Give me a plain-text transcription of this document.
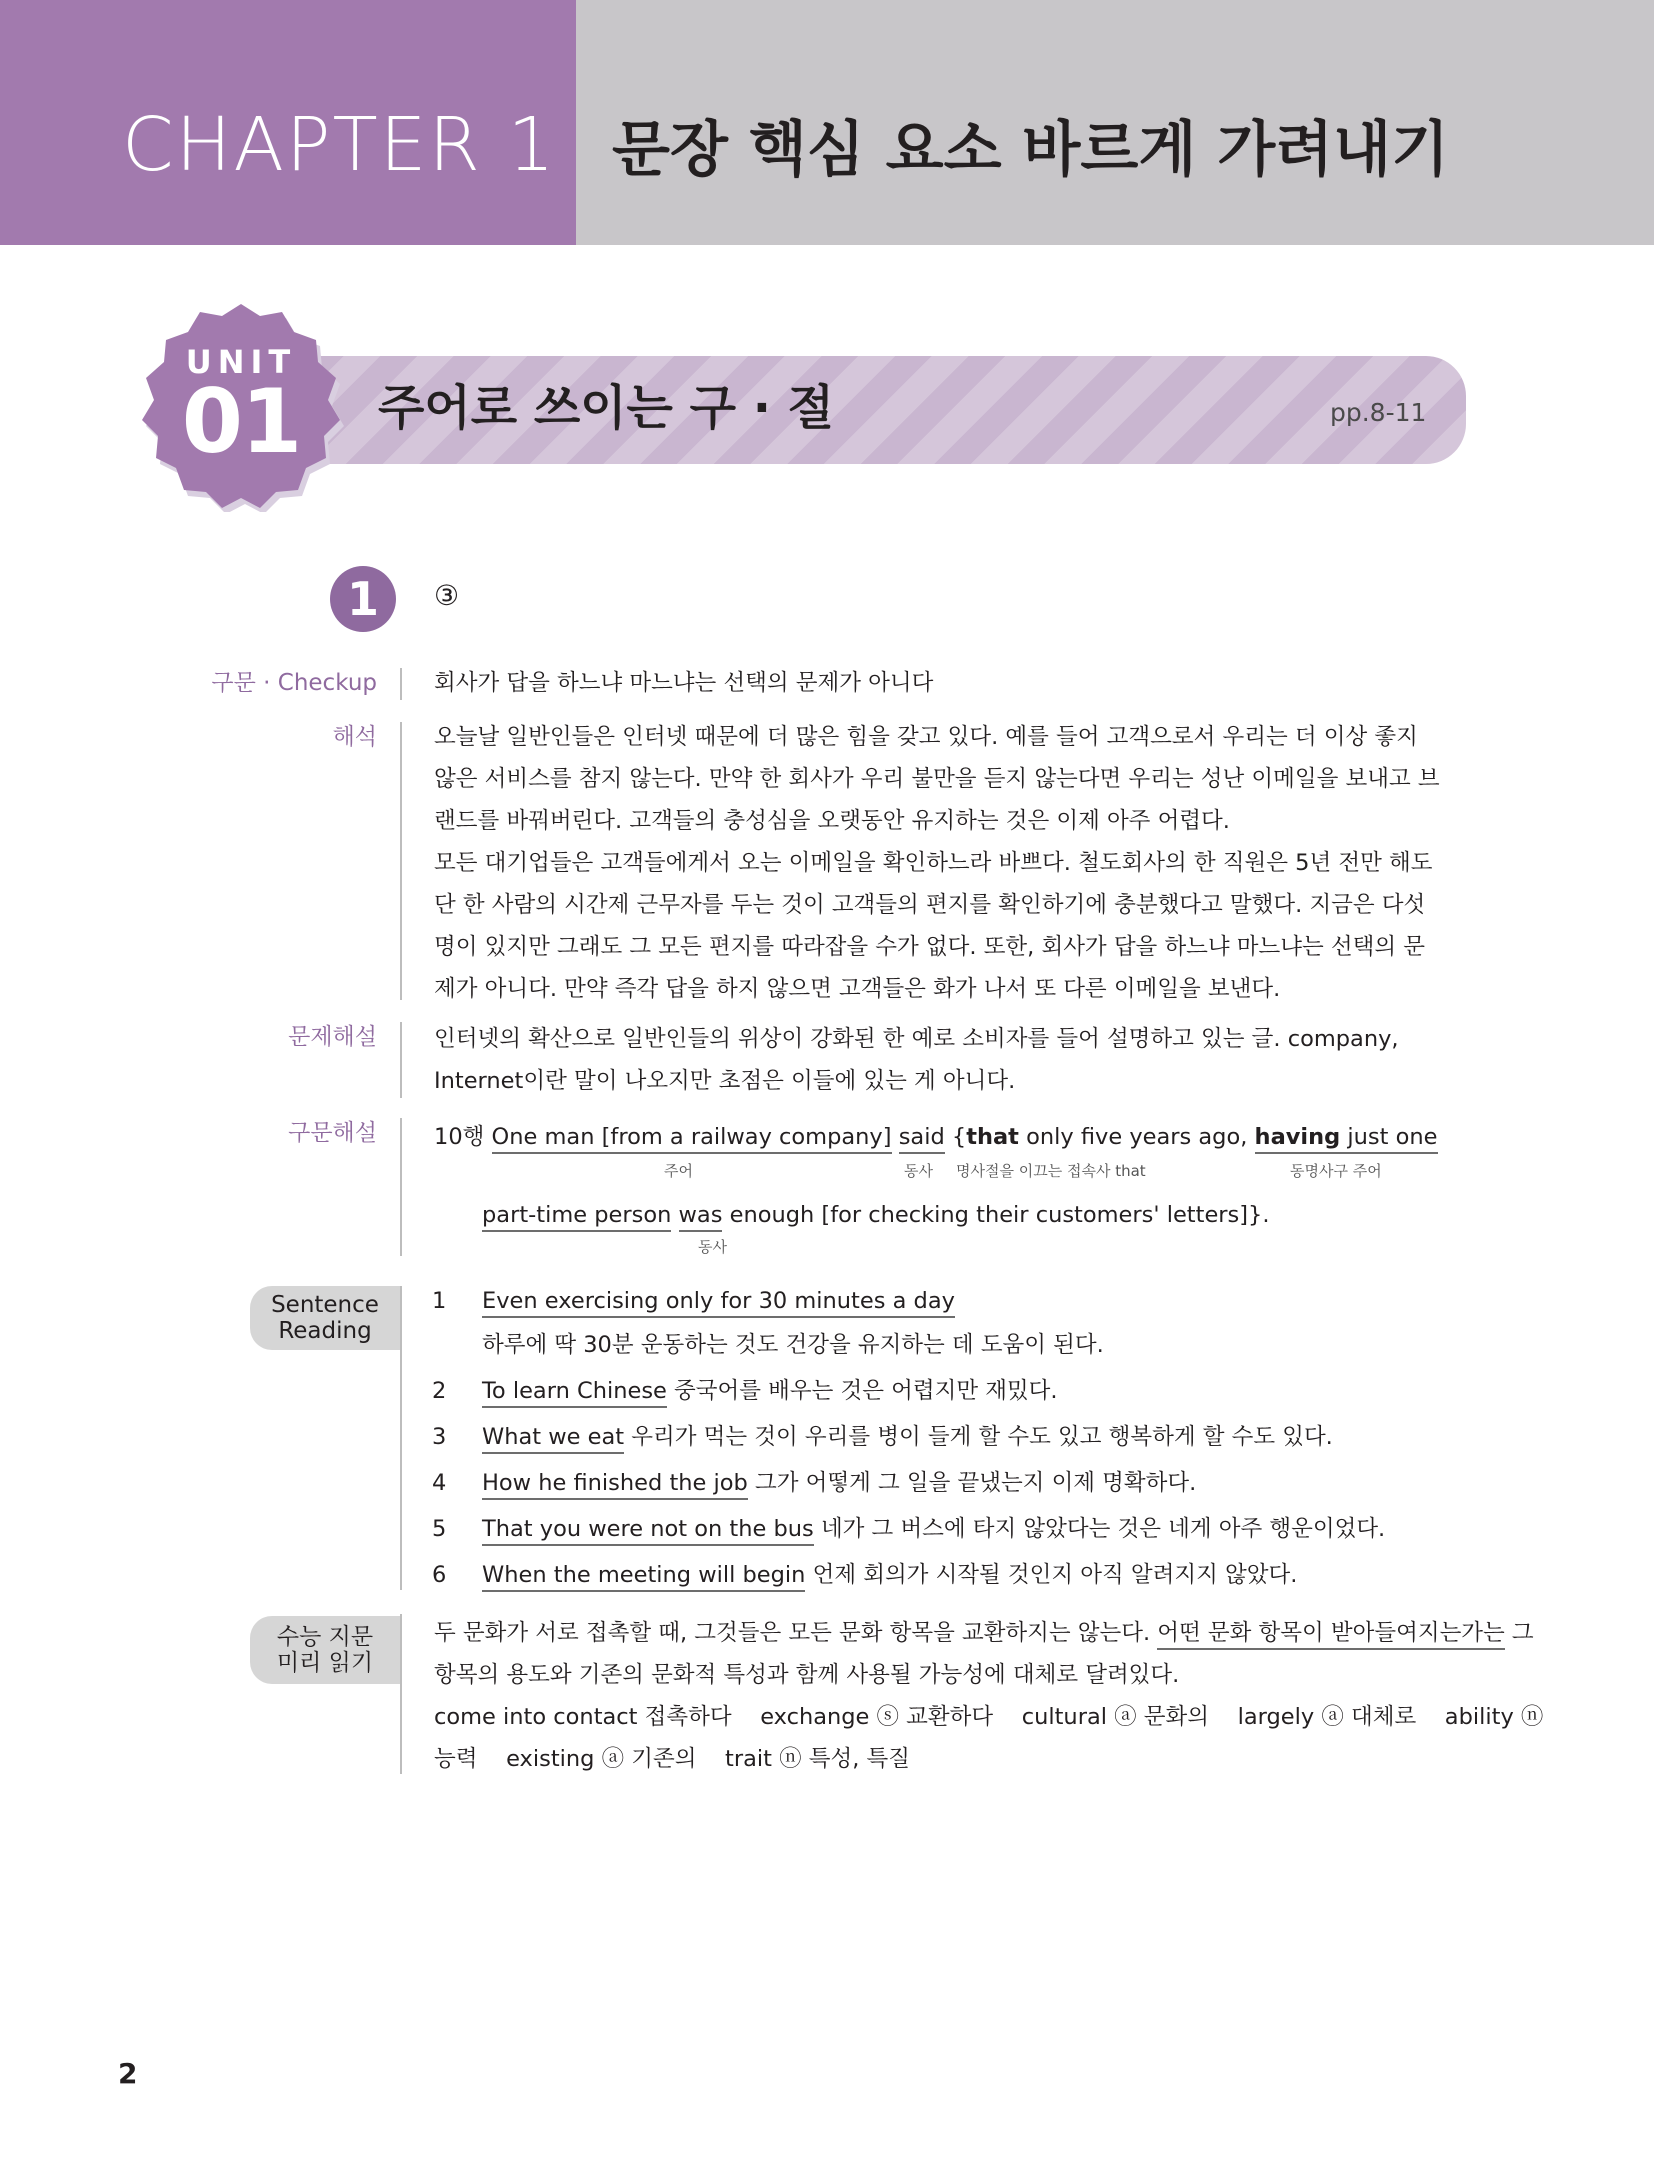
CHAPTER 1 문장 핵심 요소 바르게 가려내기
UNIT
01	주어로 쓰이는 구 · 절	pp.8-11
1	③
구문 · Checkup	회사가 답을 하느냐 마느냐는 선택의 문제가 아니다
해석	오늘날 일반인들은 인터넷 때문에 더 많은 힘을 갖고 있다. 예를 들어 고객으로서 우리는 더 이상 좋지 않은 서비스를 참지 않는다. 만약 한 회사가 우리 불만을 듣지 않는다면 우리는 성난 이메일을 보내고 브랜드를 바꿔버린다. 고객들의 충성심을 오랫동안 유지하는 것은 이제 아주 어렵다.
모든 대기업들은 고객들에게서 오는 이메일을 확인하느라 바쁘다. 철도회사의 한 직원은 5년 전만 해도 단 한 사람의 시간제 근무자를 두는 것이 고객들의 편지를 확인하기에 충분했다고 말했다. 지금은 다섯 명이 있지만 그래도 그 모든 편지를 따라잡을 수가 없다. 또한, 회사가 답을 하느냐 마느냐는 선택의 문제가 아니다. 만약 즉각 답을 하지 않으면 고객들은 화가 나서 또 다른 이메일을 보낸다.
문제해설	인터넷의 확산으로 일반인들의 위상이 강화된 한 예로 소비자를 들어 설명하고 있는 글. company, Internet이란 말이 나오지만 초점은 이들에 있는 게 아니다.
구문해설	10행 One man [from a railway company] said {that only five years ago, having just one
주어	동사 명사절을 이끄는 접속사 that	동명사구 주어
part-time person was enough [for checking their customers' letters]}.
동사
Sentence
Reading
1 Even exercising only for 30 minutes a day
하루에 딱 30분 운동하는 것도 건강을 유지하는 데 도움이 된다.
2 To learn Chinese 중국어를 배우는 것은 어렵지만 재밌다.
3 What we eat 우리가 먹는 것이 우리를 병이 들게 할 수도 있고 행복하게 할 수도 있다.
4 How he finished the job 그가 어떻게 그 일을 끝냈는지 이제 명확하다.
5 That you were not on the bus 네가 그 버스에 타지 않았다는 것은 네게 아주 행운이었다.
6 When the meeting will begin 언제 회의가 시작될 것인지 아직 알려지지 않았다.
수능 지문
미리 읽기
두 문화가 서로 접촉할 때, 그것들은 모든 문화 항목을 교환하지는 않는다. 어떤 문화 항목이 받아들여지는가는 그
항목의 용도와 기존의 문화적 특성과 함께 사용될 가능성에 대체로 달려있다.
come into contact 접촉하다    exchange ⓢ 교환하다    cultural ⓐ 문화의    largely ⓐ 대체로    ability ⓝ
능력    existing ⓐ 기존의    trait ⓝ 특성, 특질
2
